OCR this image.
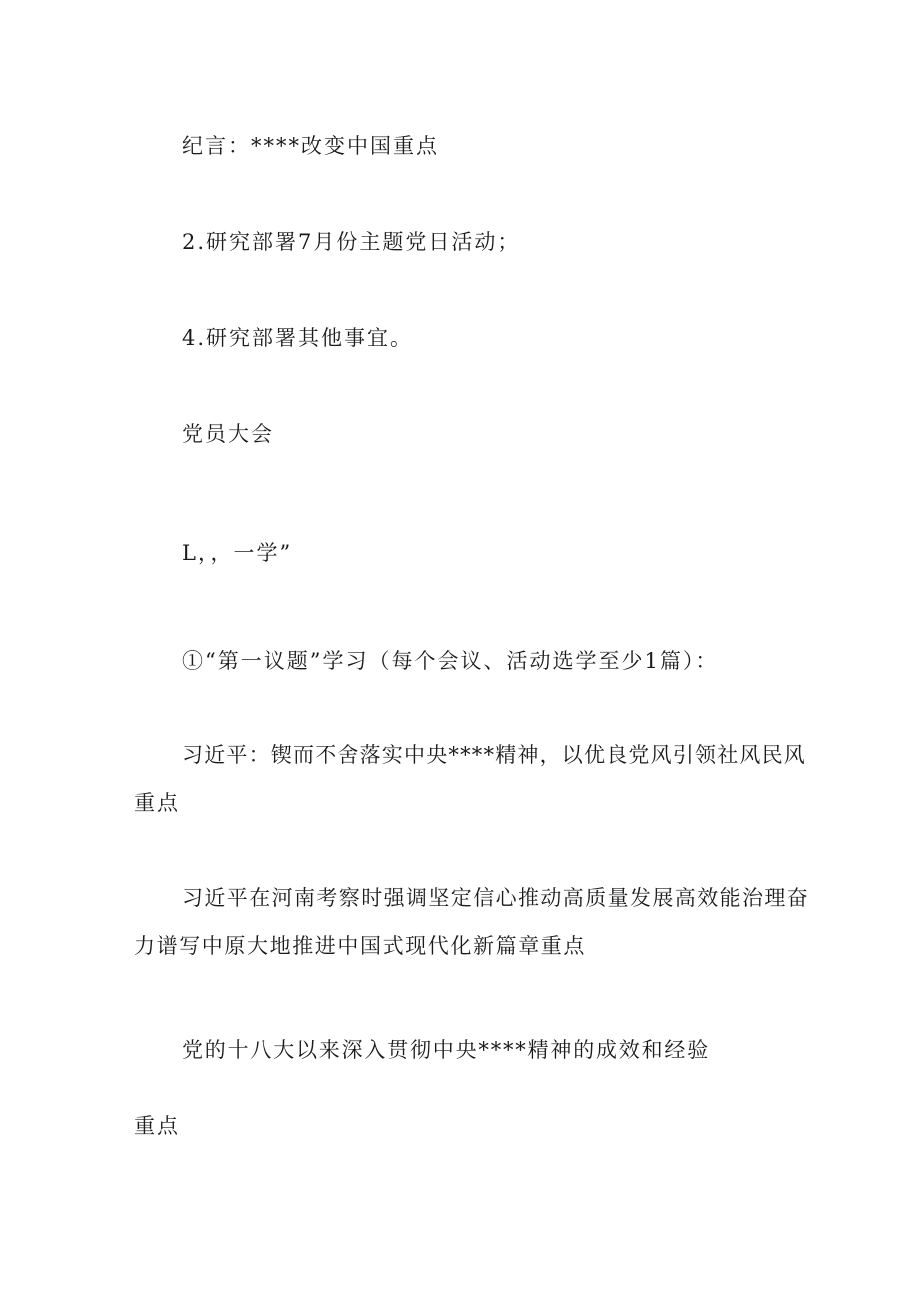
纪言：****改变中国重点
2.研究部署7月份主题党日活动；
4.研究部署其他事宜。
党员大会
L，，一学”
①“第一议题”学习（每个会议、活动选学至少1篇）：
习近平：锲而不舍落实中央****精神，以优良党风引领社风民风
重点
习近平在河南考察时强调坚定信心推动高质量发展高效能治理奋
力谱写中原大地推进中国式现代化新篇章重点
党的十八大以来深入贯彻中央****精神的成效和经验
重点
